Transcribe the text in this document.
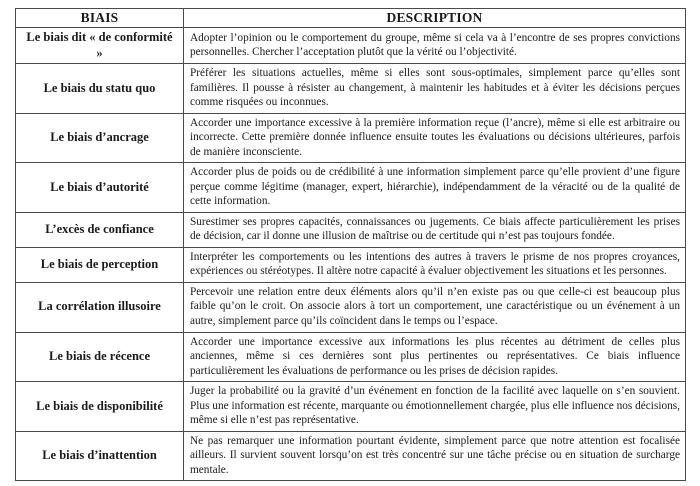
BIAIS	DESCRIPTION
Le biais dit « de conformité »	Adopter l’opinion ou le comportement du groupe, même si cela va à l’encontre de ses propres convictions personnelles. Chercher l’acceptation plutôt que la vérité ou l’objectivité.
Le biais du statu quo	Préférer les situations actuelles, même si elles sont sous-optimales, simplement parce qu’elles sont familières. Il pousse à résister au changement, à maintenir les habitudes et à éviter les décisions perçues comme risquées ou inconnues.
Le biais d’ancrage	Accorder une importance excessive à la première information reçue (l’ancre), même si elle est arbitraire ou incorrecte. Cette première donnée influence ensuite toutes les évaluations ou décisions ultérieures, parfois de manière inconsciente.
Le biais d’autorité	Accorder plus de poids ou de crédibilité à une information simplement parce qu’elle provient d’une figure perçue comme légitime (manager, expert, hiérarchie), indépendamment de la véracité ou de la qualité de cette information.
L’excès de confiance	Surestimer ses propres capacités, connaissances ou jugements. Ce biais affecte particulièrement les prises de décision, car il donne une illusion de maîtrise ou de certitude qui n’est pas toujours fondée.
Le biais de perception	Interpréter les comportements ou les intentions des autres à travers le prisme de nos propres croyances, expériences ou stéréotypes. Il altère notre capacité à évaluer objectivement les situations et les personnes.
La corrélation illusoire	Percevoir une relation entre deux éléments alors qu’il n’en existe pas ou que celle-ci est beaucoup plus faible qu’on le croit. On associe alors à tort un comportement, une caractéristique ou un événement à un autre, simplement parce qu’ils coïncident dans le temps ou l’espace.
Le biais de récence	Accorder une importance excessive aux informations les plus récentes au détriment de celles plus anciennes, même si ces dernières sont plus pertinentes ou représentatives. Ce biais influence particulièrement les évaluations de performance ou les prises de décision rapides.
Le biais de disponibilité	Juger la probabilité ou la gravité d’un événement en fonction de la facilité avec laquelle on s’en souvient. Plus une information est récente, marquante ou émotionnellement chargée, plus elle influence nos décisions, même si elle n’est pas représentative.
Le biais d’inattention	Ne pas remarquer une information pourtant évidente, simplement parce que notre attention est focalisée ailleurs. Il survient souvent lorsqu’on est très concentré sur une tâche précise ou en situation de surcharge mentale.
